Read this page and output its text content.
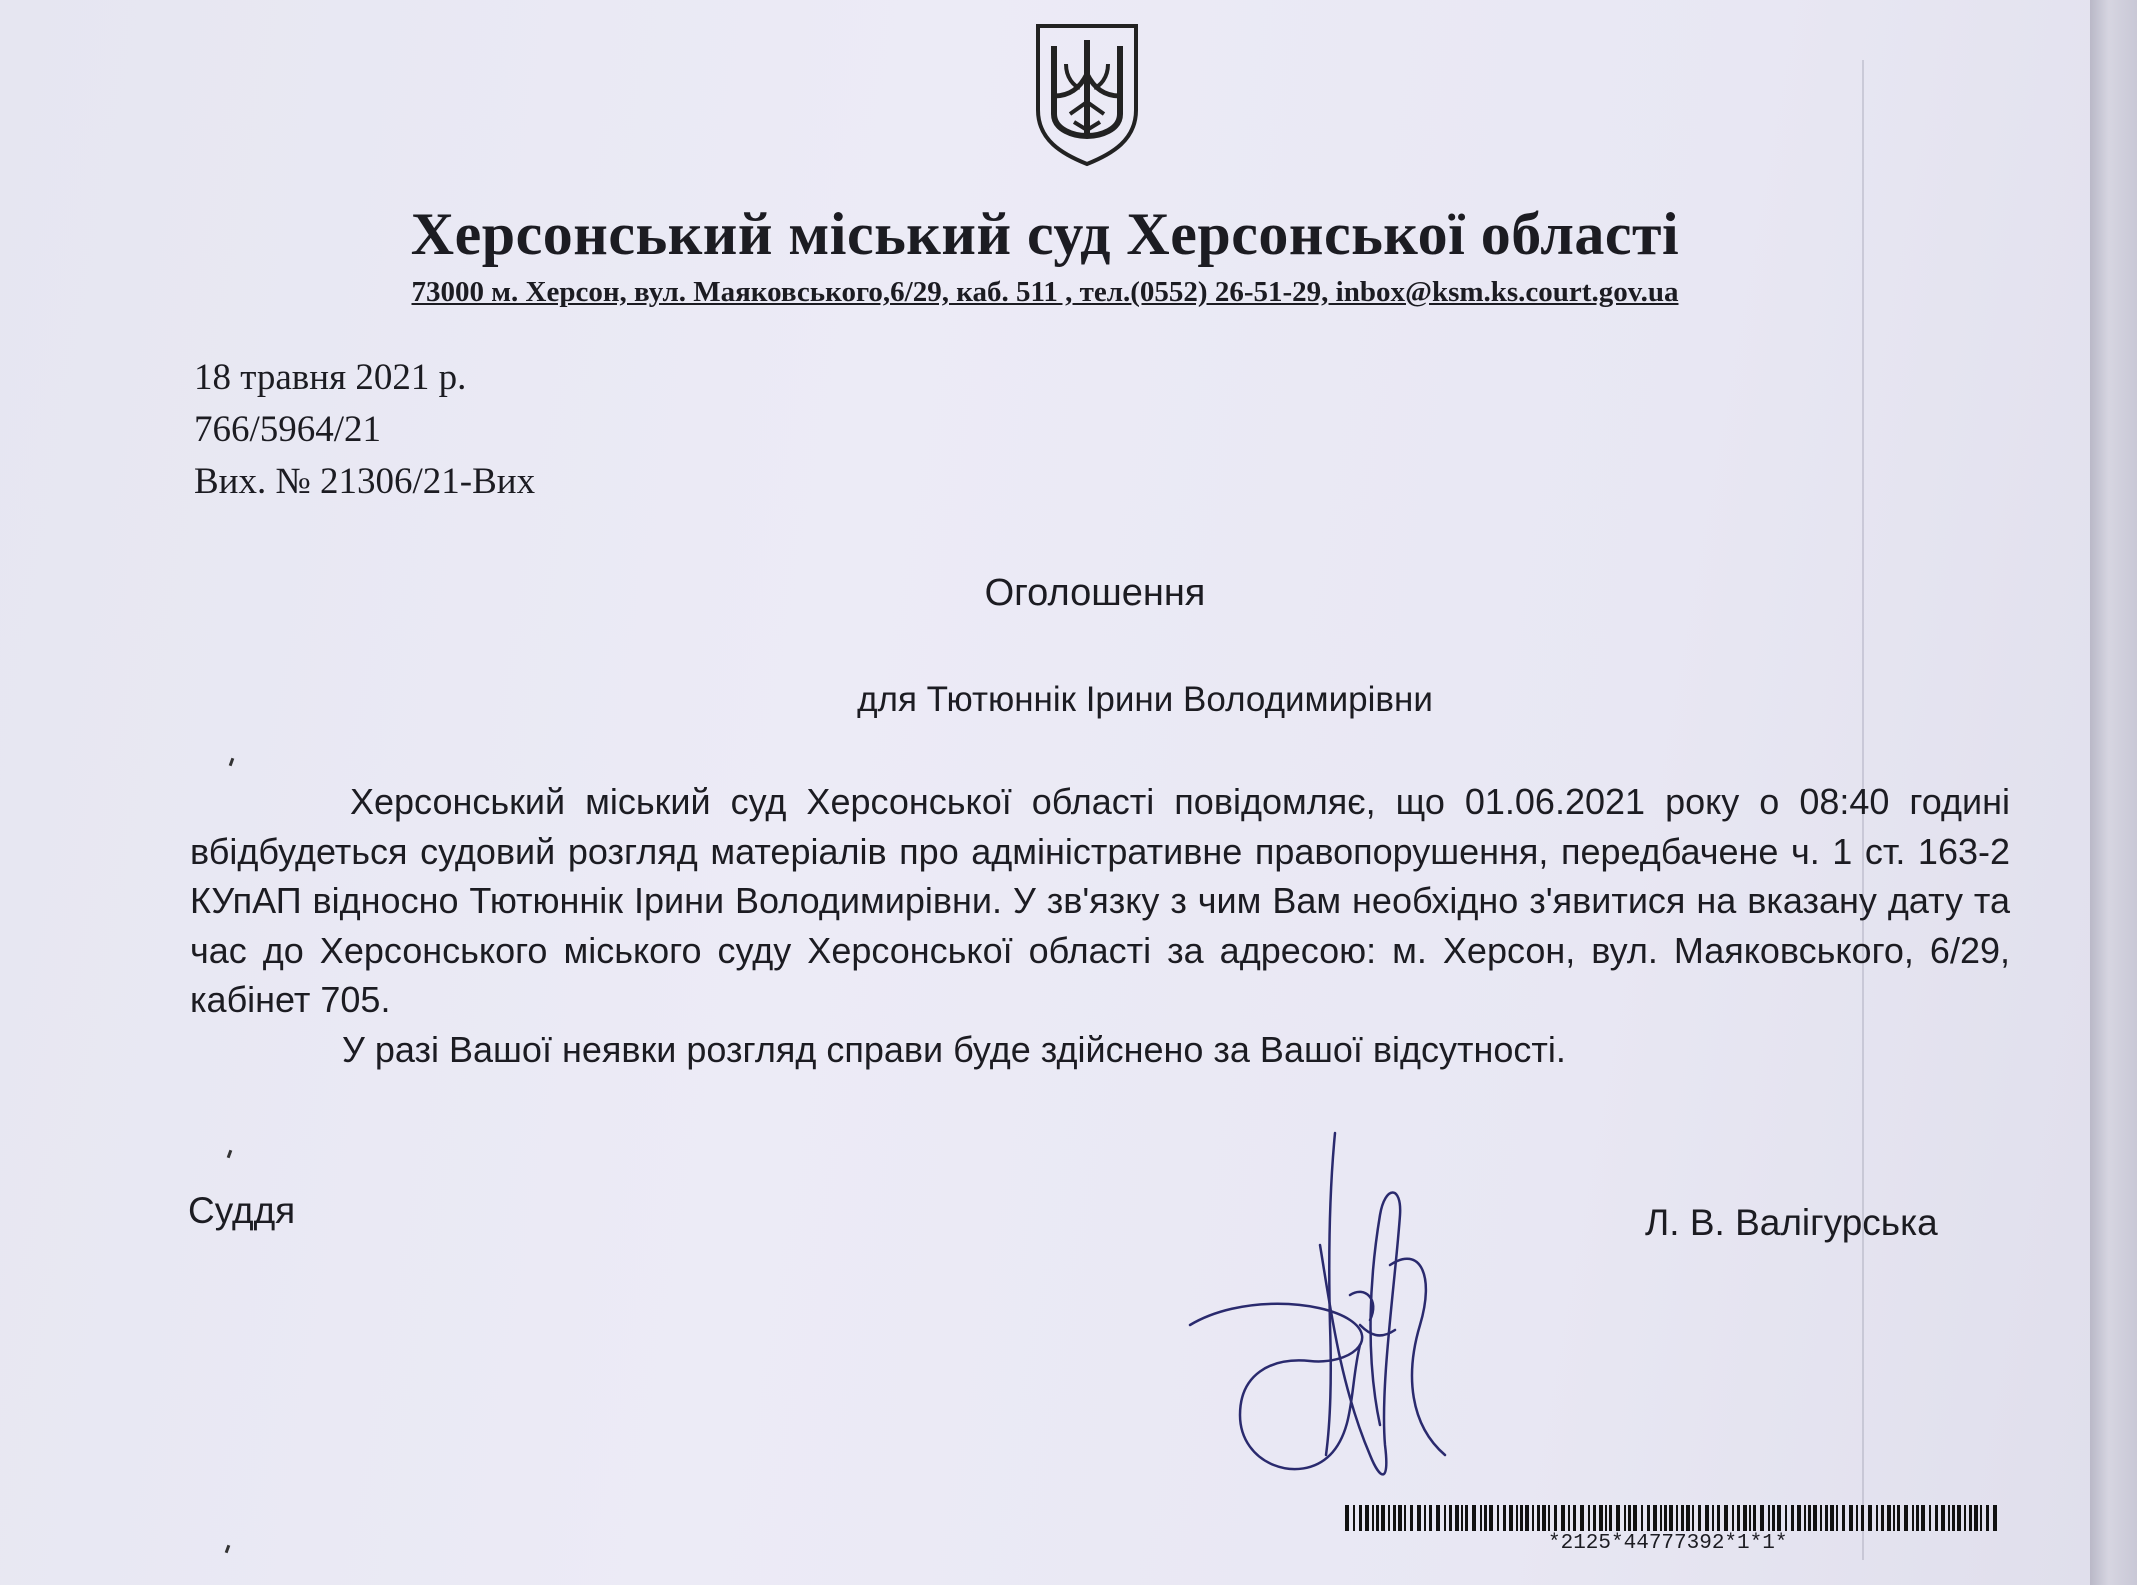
Херсонський міський суд Херсонської області
73000 м. Херсон, вул. Маяковського,6/29, каб. 511 , тел.(0552) 26-51-29, inbox@ksm.ks.court.gov.ua
18 травня 2021 р.
766/5964/21
Вих. № 21306/21-Вих
Оголошення
для Тютюннік Ірини Володимирівни

Херсонський міський суд Херсонської області повідомляє, що 01.06.2021 року о 08:40 годині вбідбудеться судовий розгляд матеріалів про адміністративне правопорушення, передбачене ч. 1 ст. 163-2 КУпАП відносно Тютюннік Ірини Володимирівни. У зв'язку з чим Вам необхідно з'явитися на вказану дату та час до Херсонського міського суду Херсонської області за адресою: м. Херсон, вул. Маяковського, 6/29, кабінет 705.

У разі Вашої неявки розгляд справи буде здійснено за Вашої відсутності.

Суддя	Л. В. Валігурська
*2125*44777392*1*1*
